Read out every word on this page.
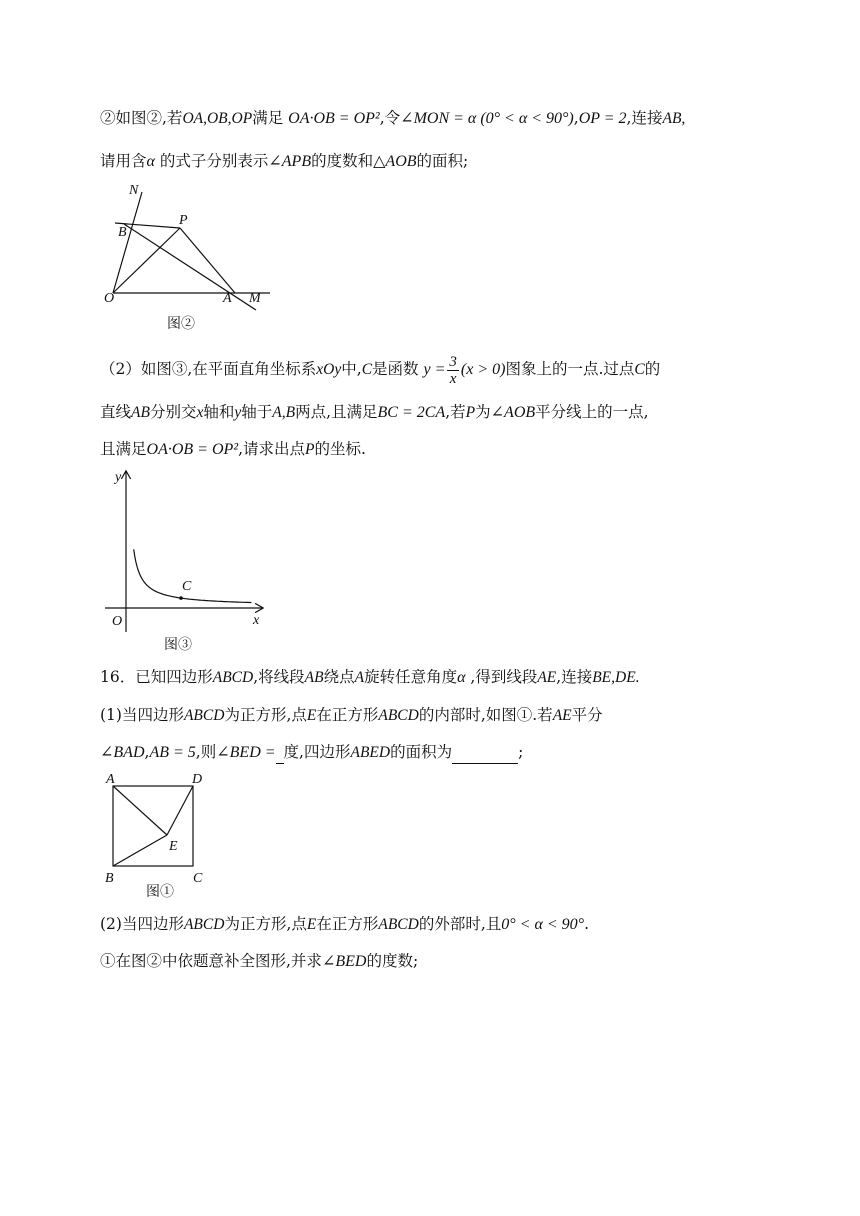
②如图②,若OA,OB,OP满足 OA·OB = OP²,令∠MON = α (0° < α < 90°),OP = 2,连接AB,
请用含α 的式子分别表示∠APB的度数和△AOB的面积;
N
B
P
O	A M
图②
（2）如图③,在平面直角坐标系xOy中,C是函数 $y = \frac{3}{x} (x > 0)$图象上的一点.过点C的
直线AB分别交x轴和y轴于A,B两点,且满足BC = 2CA,若P为∠AOB平分线上的一点,
且满足OA·OB = OP²,请求出点P的坐标.
y
C
O	x
图③
16．已知四边形ABCD,将线段AB绕点A旋转任意角度α ,得到线段AE,连接BE,DE.
(1)当四边形ABCD为正方形,点E在正方形ABCD的内部时,如图①.若AE平分
∠BAD,AB = 5,则∠BED = 度,四边形ABED的面积为	;
A	D
E
B	C
图①
(2)当四边形ABCD为正方形,点E在正方形ABCD的外部时,且0° < α < 90°.
①在图②中依题意补全图形,并求∠BED的度数;
